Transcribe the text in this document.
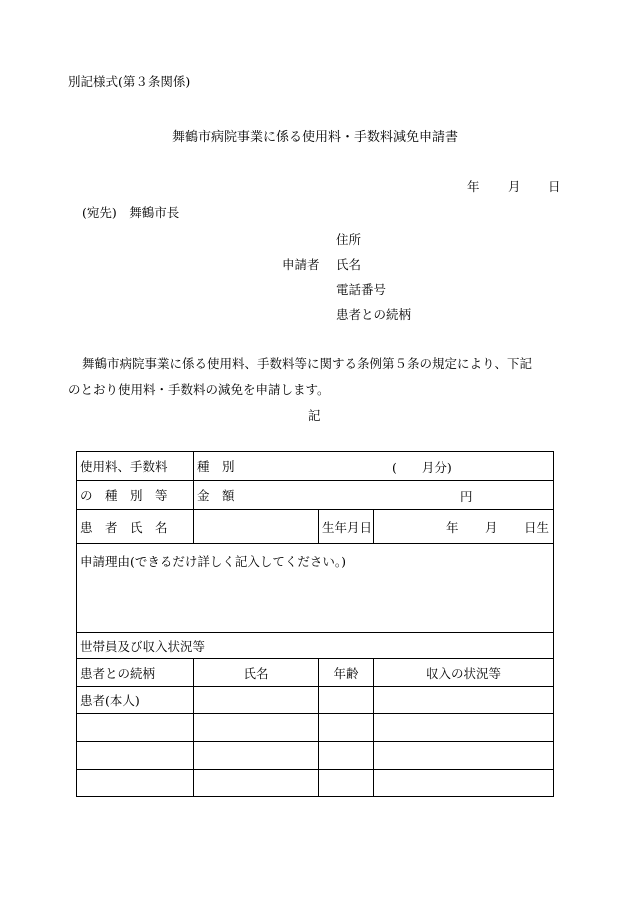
別記様式(第３条関係)
舞鶴市病院事業に係る使用料・手数料減免申請書
年 月 日
(宛先)　舞鶴市長
住所
申請者 氏名
電話番号
患者との続柄
舞鶴市病院事業に係る使用料、手数料等に関する条例第５条の規定により、下記
のとおり使用料・手数料の減免を申請します。
記
使用料、手数料	種　別 (　　月分)		

の　種　別　等	金　額 円		

患　者　氏　名		生年月日	年 月 日生

申請理由(できるだけ詳しく記入してください。)			
世帯員及び収入状況等			
患者との続柄	氏名	年齢	収入の状況等
患者(本人)			
